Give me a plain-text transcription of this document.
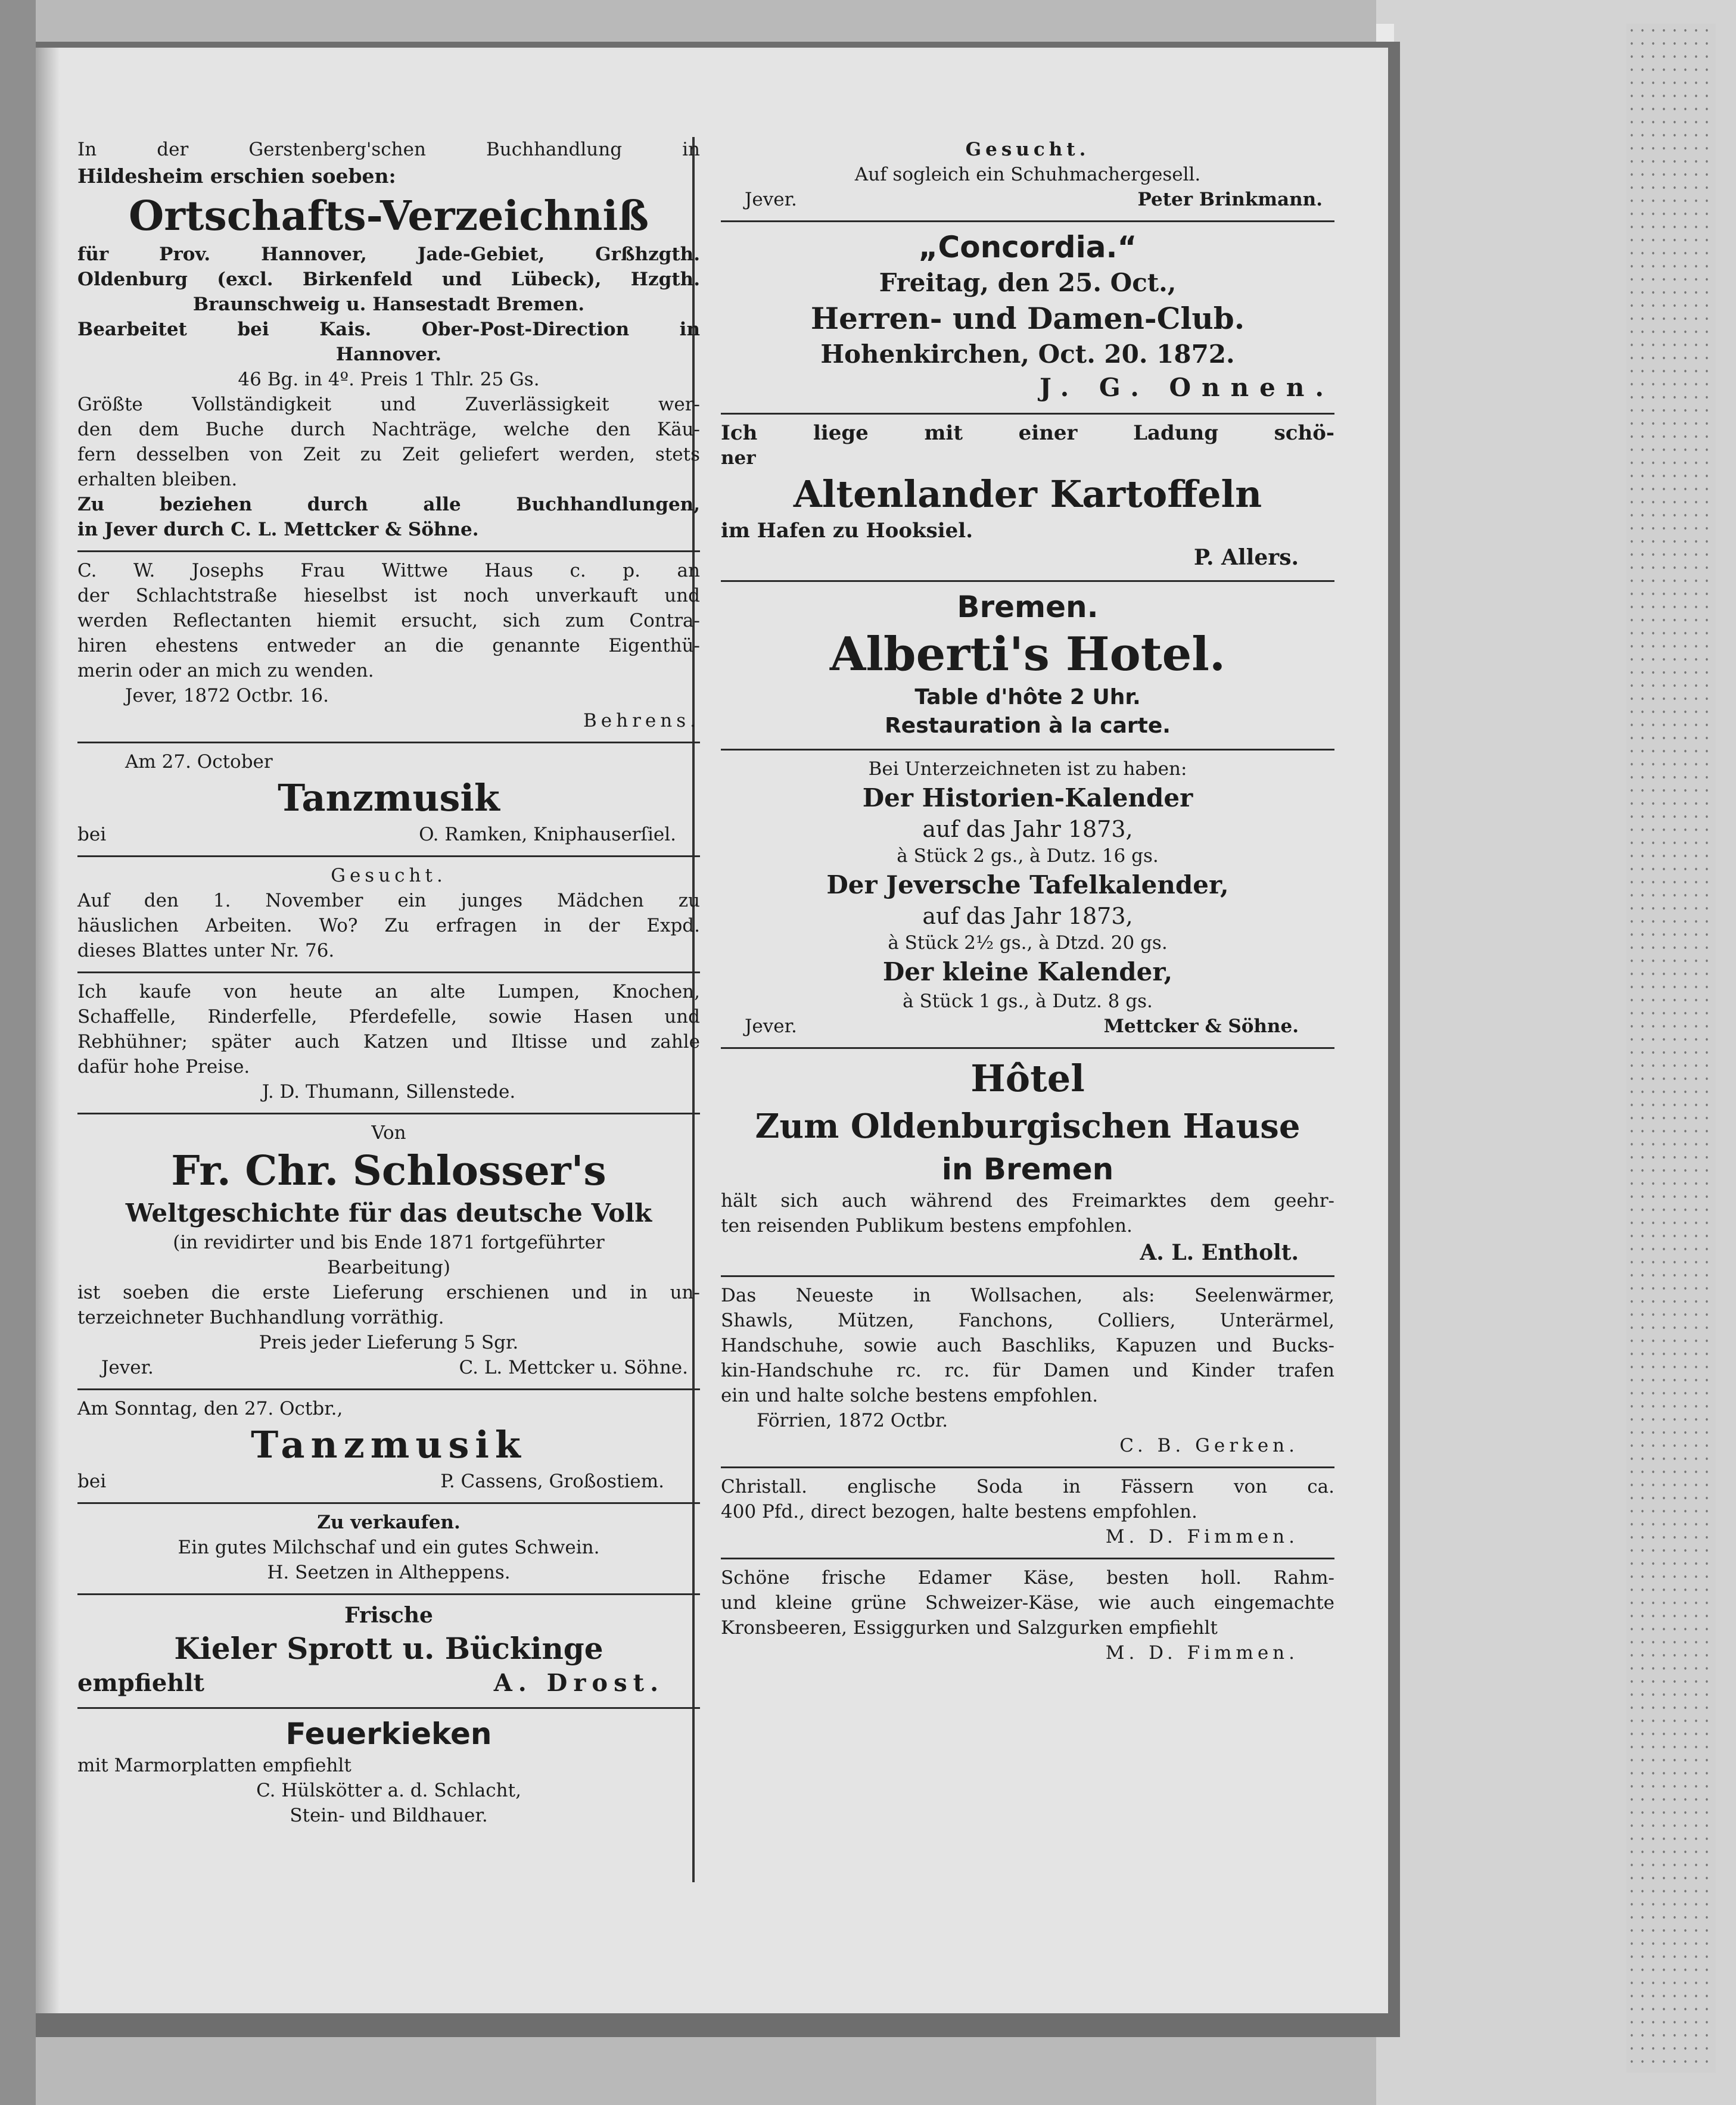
In der Gerstenberg'schen Buchhandlung in
Hildesheim erschien soeben:
Ortschafts-Verzeichniß
für Prov. Hannover, Jade-Gebiet, Grßhzgth.
Oldenburg (excl. Birkenfeld und Lübeck), Hzgth.
Braunschweig u. Hansestadt Bremen.
Bearbeitet bei Kais. Ober-Post-Direction in
Hannover.
46 Bg. in 4º. Preis 1 Thlr. 25 Gs.
Größte Vollständigkeit und Zuverlässigkeit wer-
den dem Buche durch Nachträge, welche den Käu-
fern desselben von Zeit zu Zeit geliefert werden, stets
erhalten bleiben.
Zu beziehen durch alle Buchhandlungen,
in Jever durch C. L. Mettcker & Söhne.
C. W. Josephs Frau Wittwe Haus c. p. an
der Schlachtstraße hieselbst ist noch unverkauft und
werden Reflectanten hiemit ersucht, sich zum Contra-
hiren ehestens entweder an die genannte Eigenthü-
merin oder an mich zu wenden.
Jever, 1872 Octbr. 16.
Behrens.
Am 27. October
Tanzmusik
bei	O. Ramken, Kniphauserſiel.
Gesucht.
Auf den 1. November ein junges Mädchen zu
häuslichen Arbeiten. Wo? Zu erfragen in der Expd.
dieses Blattes unter Nr. 76.
Ich kaufe von heute an alte Lumpen, Knochen,
Schaffelle, Rinderfelle, Pferdefelle, sowie Hasen und
Rebhühner; später auch Katzen und Iltisse und zahle
dafür hohe Preise.
J. D. Thumann, Sillenstede.
Von
Fr. Chr. Schlosser's
Weltgeschichte für das deutsche Volk
(in revidirter und bis Ende 1871 fortgeführter
Bearbeitung)
ist soeben die erste Lieferung erschienen und in un-
terzeichneter Buchhandlung vorräthig.
Preis jeder Lieferung 5 Sgr.
Jever.	C. L. Mettcker u. Söhne.
Am Sonntag, den 27. Octbr.,
Tanzmusik
bei	P. Cassens, Großostiem.
Zu verkaufen.
Ein gutes Milchschaf und ein gutes Schwein.
H. Seetzen in Altheppens.
Frische
Kieler Sprott u. Bückinge
empfiehlt	A. Drost.
Feuerkieken
mit Marmorplatten empfiehlt
C. Hülskötter a. d. Schlacht,
Stein- und Bildhauer.
Gesucht.
Auf sogleich ein Schuhmachergesell.
Jever.	Peter Brinkmann.
„Concordia.“
Freitag, den 25. Oct.,
Herren- und Damen-Club.
Hohenkirchen, Oct. 20. 1872.
J. G. Onnen.
Ich liege mit einer Ladung schö-
ner
Altenlander Kartoffeln
im Hafen zu Hooksiel.
P. Allers.
Bremen.
Alberti's Hotel.
Table d'hôte 2 Uhr.
Restauration à la carte.
Bei Unterzeichneten ist zu haben:
Der Historien-Kalender
auf das Jahr 1873,
à Stück 2 gs., à Dutz. 16 gs.
Der Jeversche Tafelkalender,
auf das Jahr 1873,
à Stück 2½ gs., à Dtzd. 20 gs.
Der kleine Kalender,
à Stück 1 gs., à Dutz. 8 gs.
Jever.	Mettcker & Söhne.
Hôtel
Zum Oldenburgischen Hause
in Bremen
hält sich auch während des Freimarktes dem geehr-
ten reisenden Publikum bestens empfohlen.
A. L. Entholt.
Das Neueste in Wollsachen, als: Seelenwärmer,
Shawls, Mützen, Fanchons, Colliers, Unterärmel,
Handschuhe, sowie auch Baschliks, Kapuzen und Bucks-
kin-Handschuhe rc. rc. für Damen und Kinder trafen
ein und halte solche bestens empfohlen.
Förrien, 1872 Octbr.
C. B. Gerken.
Christall. englische Soda in Fässern von ca.
400 Pfd., direct bezogen, halte bestens empfohlen.
M. D. Fimmen.
Schöne frische Edamer Käse, besten holl. Rahm-
und kleine grüne Schweizer-Käse, wie auch eingemachte
Kronsbeeren, Essiggurken und Salzgurken empfiehlt
M. D. Fimmen.
